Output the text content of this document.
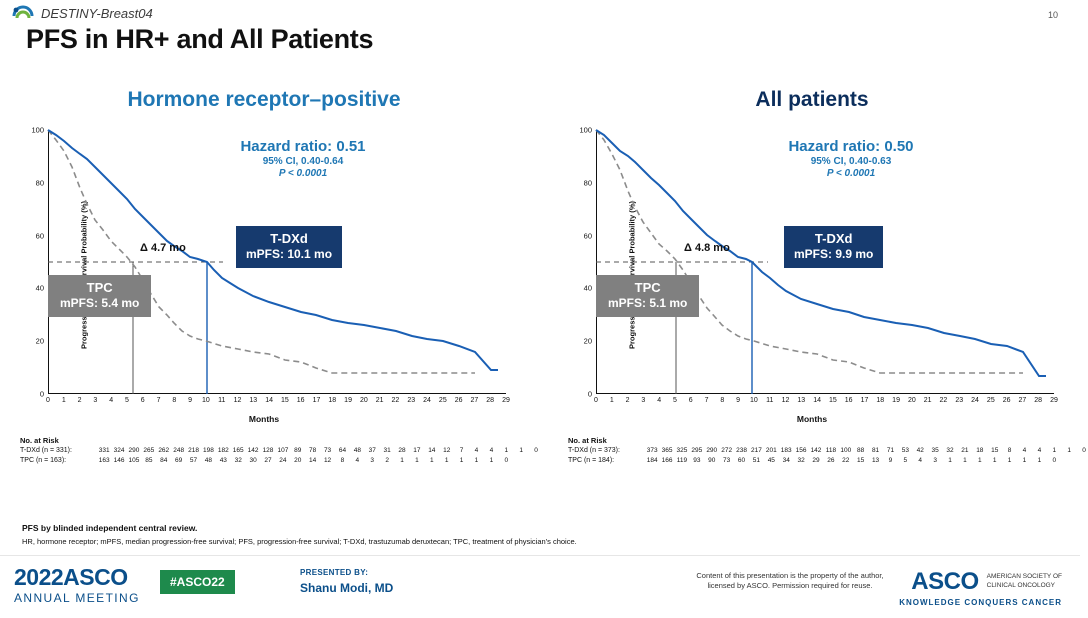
DESTINY-Breast04	10
PFS in HR+ and All Patients
Hormone receptor–positive
0
20
40
60
80
100
Hazard ratio: 0.51
95% CI, 0.40-0.64
P < 0.0001
T-DXd
mPFS: 10.1 mo
TPC
mPFS: 5.4 mo
Δ 4.7 mo
0 1 2 3 4 5 6 7 8 9 10 11 12 13 14 15 16 17 18 19 20 21 22 23 24 25 26 27 28 29
Months
All patients
0
20
40
60
80
100
Hazard ratio: 0.50
95% CI, 0.40-0.63
P < 0.0001
T-DXd
mPFS: 9.9 mo
TPC
mPFS: 5.1 mo
Δ 4.8 mo
0 1 2 3 4 5 6 7 8 9 10 11 12 13 14 15 16 17 18 19 20 21 22 23 24 25 26 27 28 29
Months
No. at Risk
T-DXd (n = 331):	331 324 290 265 262 248 218 198 182 165 142 128 107 89 78 73 64 48 37 31 28 17 14 12 7 4 4 1 1 0
TPC (n = 163):	163 146 105 85 84 69 57 48 43 32 30 27 24 20 14 12 8 4 3 2 1 1 1 1 1 1 1 0
No. at Risk
T-DXd (n = 373):	373 365 325 295 290 272 238 217 201 183 156 142 118 100 88 81 71 53 42 35 32 21 18 15 8 4 4 1 1 0
TPC (n = 184):	184 166 119 93 90 73 60 51 45 34 32 29 26 22 15 13 9 5 4 3 1 1 1 1 1 1 1 0
PFS by blinded independent central review.
HR, hormone receptor; mPFS, median progression-free survival; PFS, progression-free survival; T-DXd, trastuzumab deruxtecan; TPC, treatment of physician's choice.
2022ASCO
ANNUAL MEETING
#ASCO22
PRESENTED BY:
Shanu Modi, MD
Content of this presentation is the property of the author, licensed by ASCO. Permission required for reuse.	ASCO AMERICAN SOCIETY OF
CLINICAL ONCOLOGY
KNOWLEDGE CONQUERS CANCER
